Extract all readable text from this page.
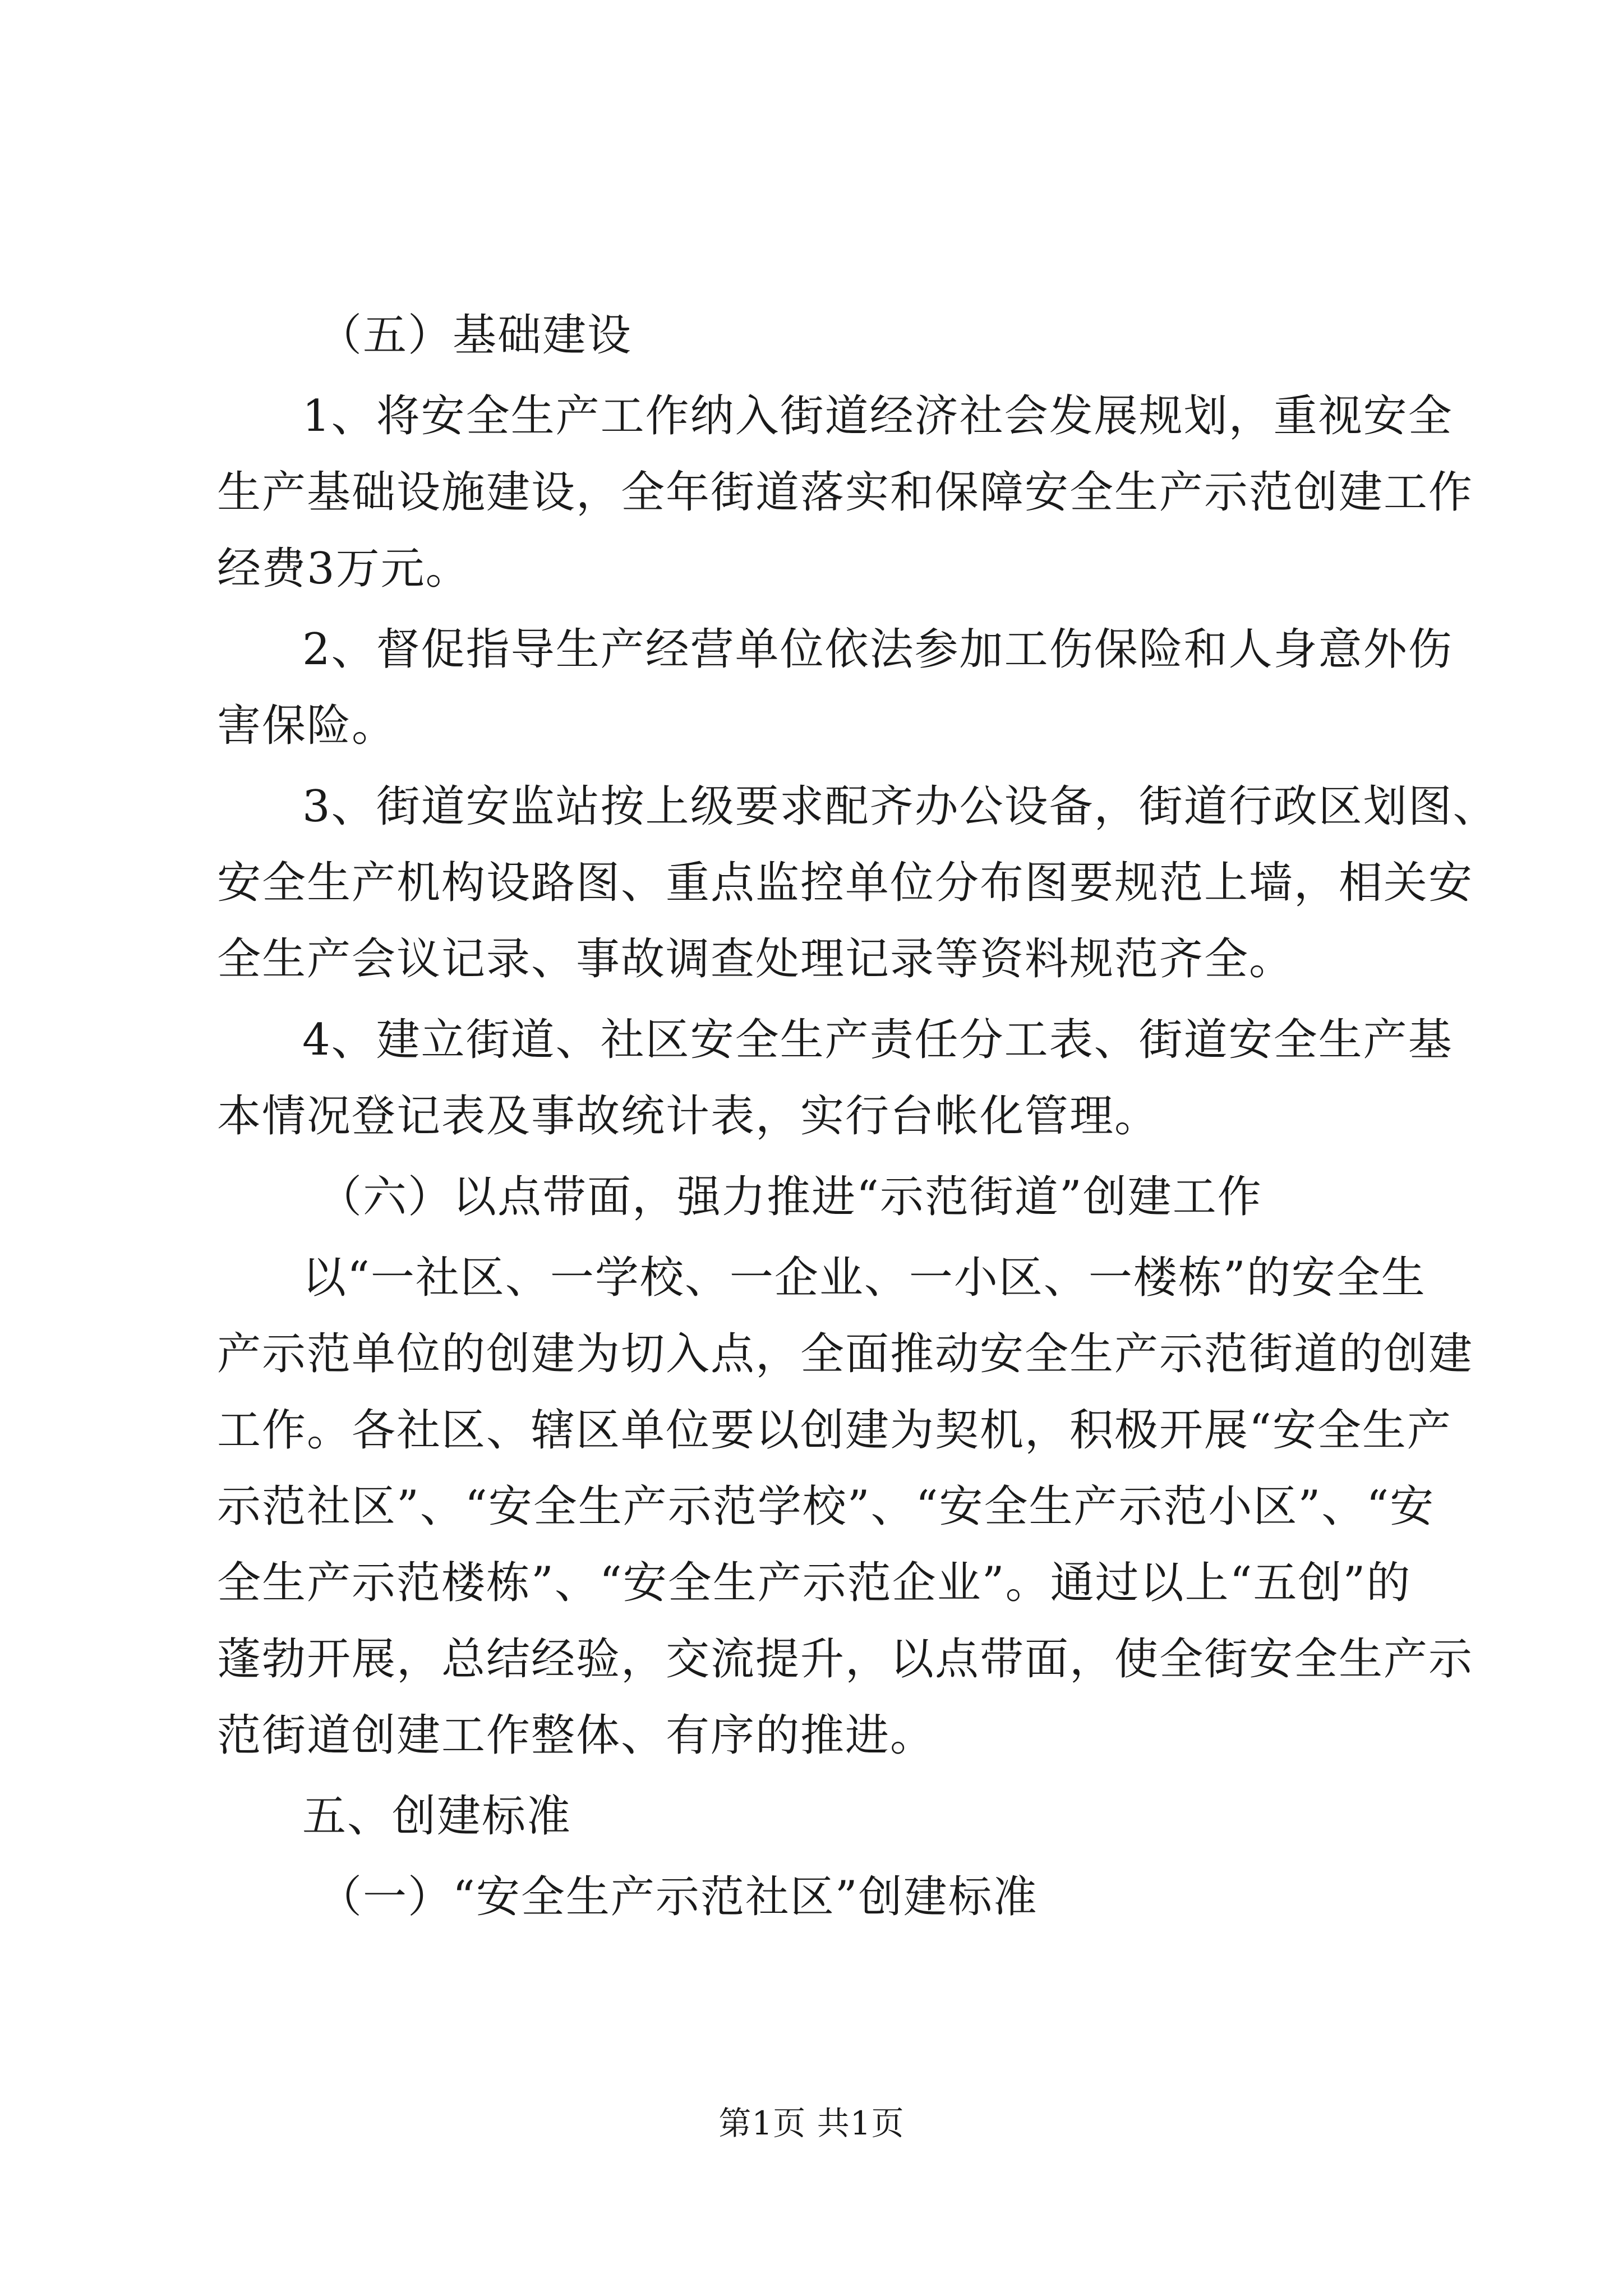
（五）基础建设

1、将安全生产工作纳入街道经济社会发展规划，重视安全

生产基础设施建设，全年街道落实和保障安全生产示范创建工作

经费3万元。

2、督促指导生产经营单位依法参加工伤保险和人身意外伤

害保险。

3、街道安监站按上级要求配齐办公设备，街道行政区划图、

安全生产机构设路图、重点监控单位分布图要规范上墙，相关安

全生产会议记录、事故调查处理记录等资料规范齐全。

4、建立街道、社区安全生产责任分工表、街道安全生产基

本情况登记表及事故统计表，实行台帐化管理。

（六）以点带面，强力推进“示范街道”创建工作

以“一社区、一学校、一企业、一小区、一楼栋”的安全生

产示范单位的创建为切入点，全面推动安全生产示范街道的创建

工作。各社区、辖区单位要以创建为契机，积极开展“安全生产

示范社区”、“安全生产示范学校”、“安全生产示范小区”、“安

全生产示范楼栋”、“安全生产示范企业”。通过以上“五创”的

蓬勃开展，总结经验，交流提升，以点带面，使全街安全生产示

范街道创建工作整体、有序的推进。

五、创建标准

（一）“安全生产示范社区”创建标准

第1页 共1页
